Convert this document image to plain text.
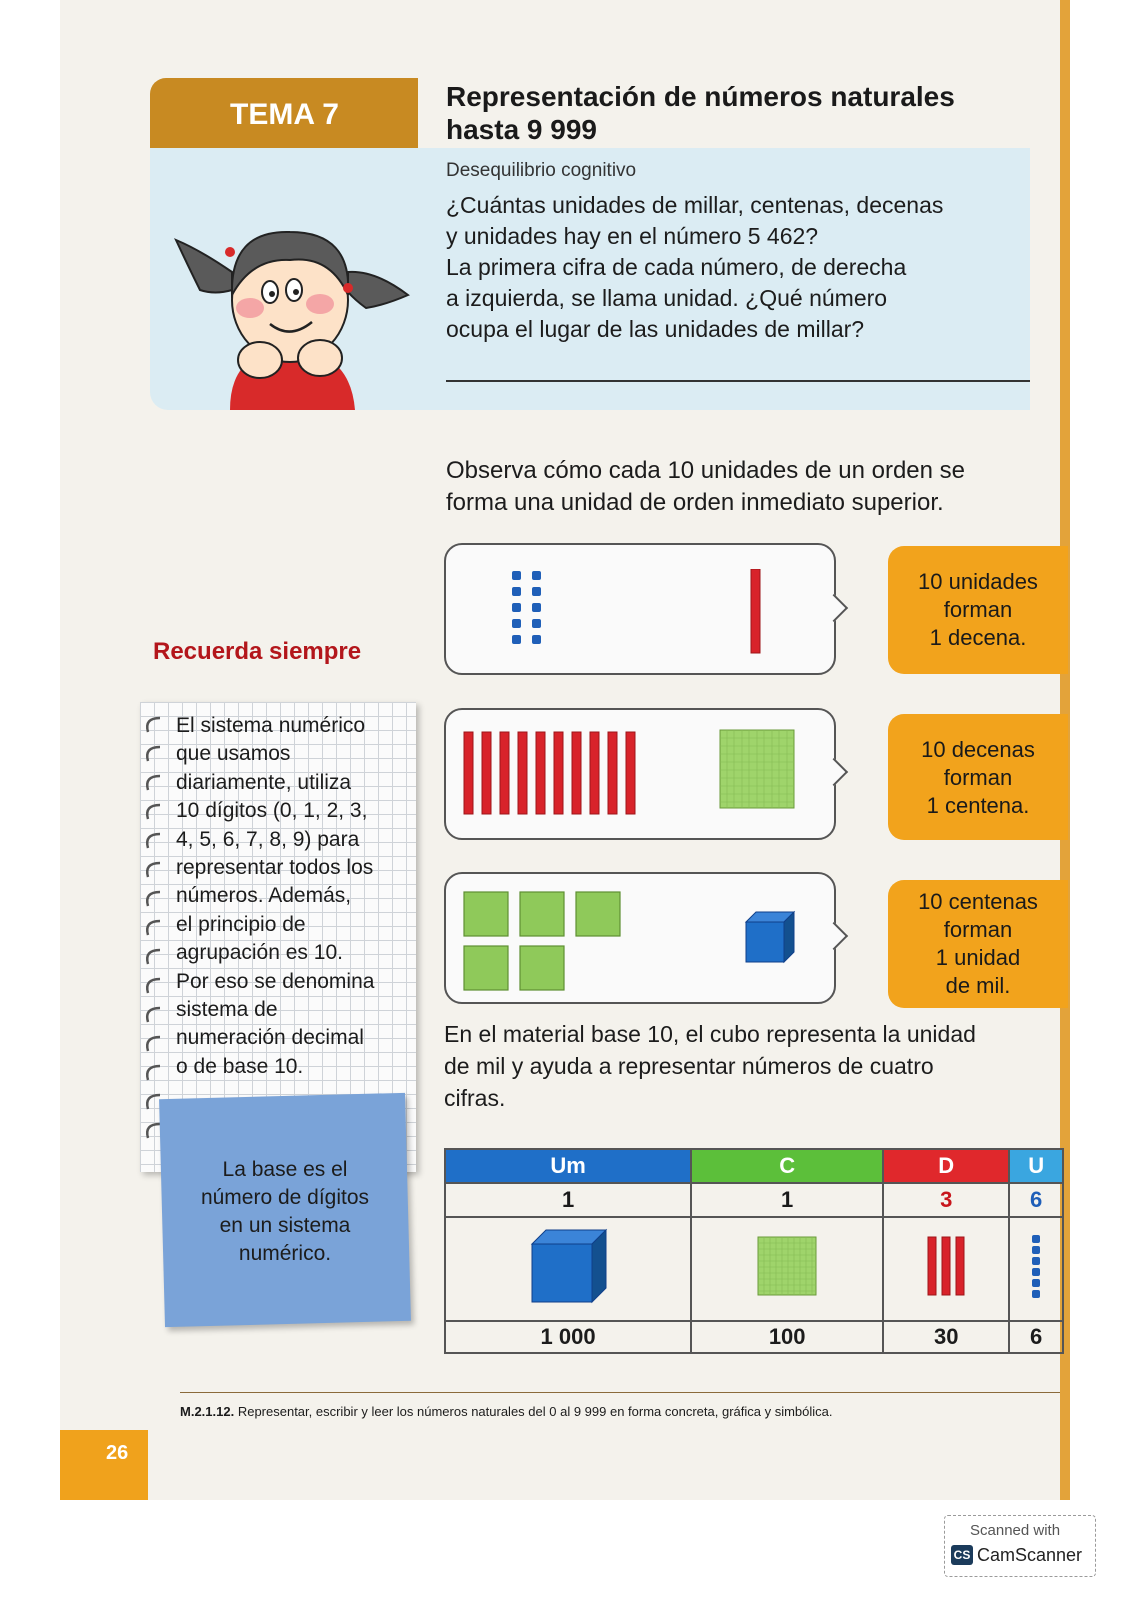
TEMA 7
Representación de números naturales
hasta 9 999
Desequilibrio cognitivo
¿Cuántas unidades de millar, centenas, decenas
y unidades hay en el número 5 462?
La primera cifra de cada número, de derecha
a izquierda, se llama unidad. ¿Qué número
ocupa el lugar de las unidades de millar?
Observa cómo cada 10 unidades de un orden se
forma una unidad de orden inmediato superior.
10 unidades
forman
1 decena.
10 decenas
forman
1 centena.
10 centenas
forman
1 unidad
de mil.
Recuerda siempre
El sistema numérico
que usamos
diariamente, utiliza
10 dígitos (0, 1, 2, 3,
4, 5, 6, 7, 8, 9) para
representar todos los
números. Además,
el principio de
agrupación es 10.
Por eso se denomina
sistema de
numeración decimal
o de base 10.
La base es el
número de dígitos
en un sistema
numérico.
En el material base 10, el cubo representa la unidad
de mil y ayuda a representar números de cuatro
cifras.
Um	C	D	U
1	1	3	6

1 000	100	30	6
M.2.1.12. Representar, escribir y leer los números naturales del 0 al 9 999 en forma concreta, gráfica y simbólica.
26
Scanned with
CS CamScanner
